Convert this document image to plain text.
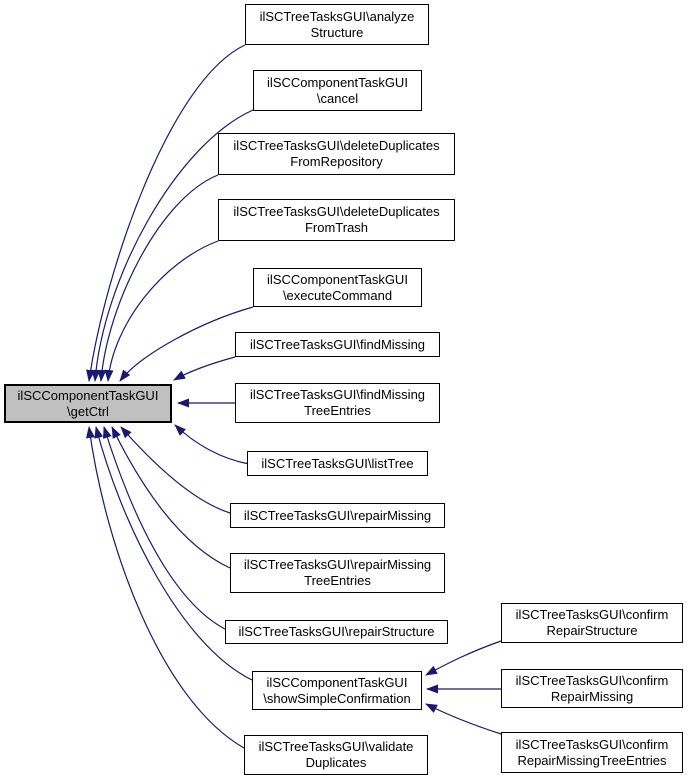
ilSCComponentTaskGUI
\getCtrl
ilSCTreeTasksGUI\analyze
Structure
ilSCComponentTaskGUI
\cancel
ilSCTreeTasksGUI\deleteDuplicates
FromRepository
ilSCTreeTasksGUI\deleteDuplicates
FromTrash
ilSCComponentTaskGUI
\executeCommand
ilSCTreeTasksGUI\findMissing
ilSCTreeTasksGUI\findMissing
TreeEntries
ilSCTreeTasksGUI\listTree
ilSCTreeTasksGUI\repairMissing
ilSCTreeTasksGUI\repairMissing
TreeEntries
ilSCTreeTasksGUI\repairStructure
ilSCComponentTaskGUI
\showSimpleConfirmation
ilSCTreeTasksGUI\validate
Duplicates
ilSCTreeTasksGUI\confirm
RepairStructure
ilSCTreeTasksGUI\confirm
RepairMissing
ilSCTreeTasksGUI\confirm
RepairMissingTreeEntries
